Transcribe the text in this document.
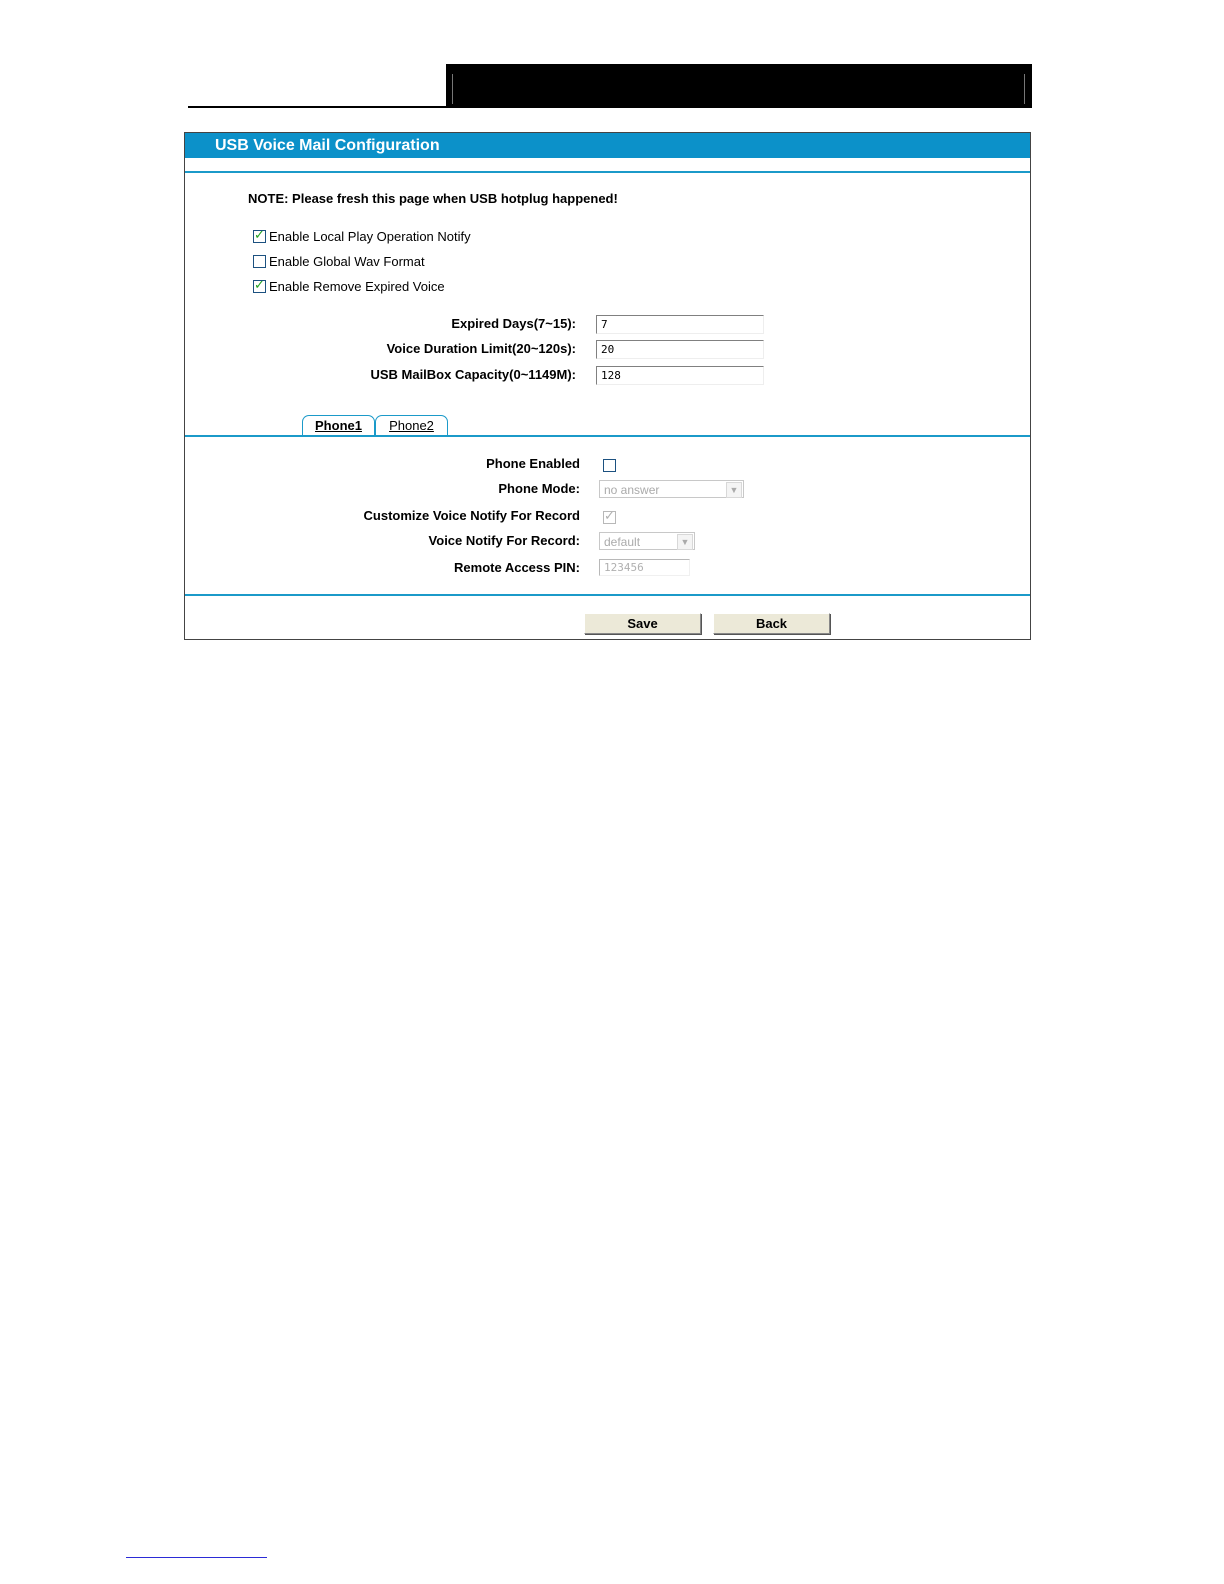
USB Voice Mail Configuration
NOTE: Please fresh this page when USB hotplug happened!
✓ Enable Local Play Operation Notify
Enable Global Wav Format
✓ Enable Remove Expired Voice
Expired Days(7~15):
7
Voice Duration Limit(20~120s):
20
USB MailBox Capacity(0~1149M):
128
Phone1	Phone2
Phone Enabled
Phone Mode:	no answer	▼
Customize Voice Notify For Record ✓
Voice Notify For Record:	default	▼
Remote Access PIN:	123456
Save	Back
